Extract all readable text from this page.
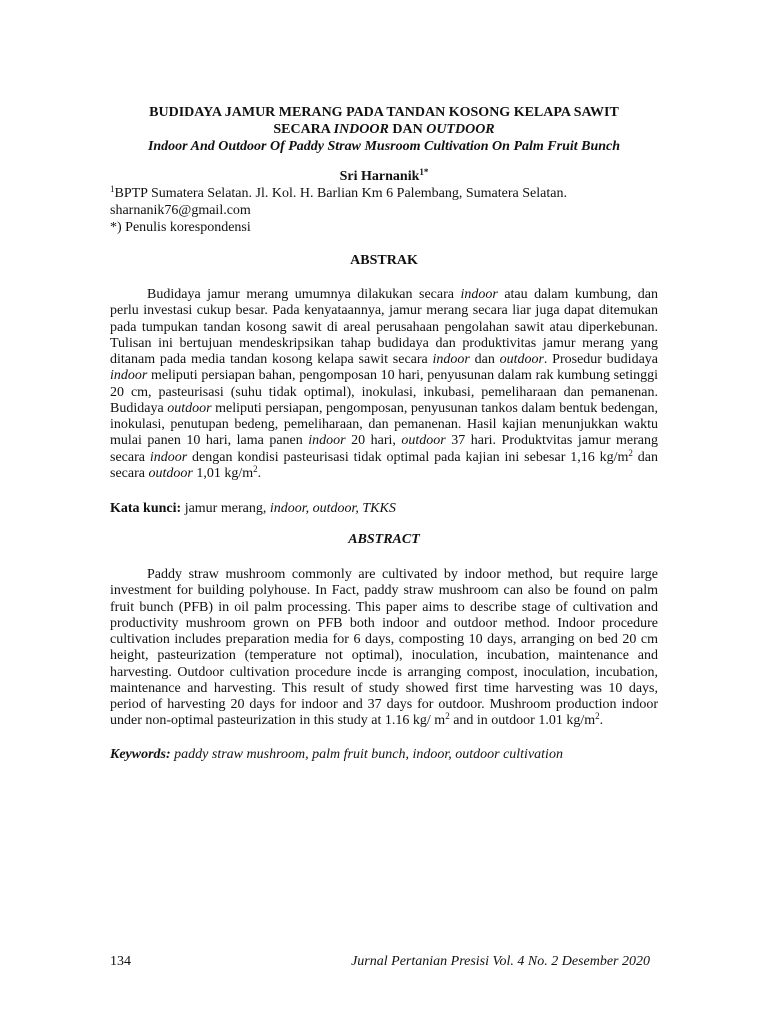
BUDIDAYA JAMUR MERANG PADA TANDAN KOSONG KELAPA SAWIT
SECARA INDOOR DAN OUTDOOR
Indoor And Outdoor Of Paddy Straw Musroom Cultivation On Palm Fruit Bunch
Sri Harnanik$^{1*}$
$^1$BPTP Sumatera Selatan. Jl. Kol. H. Barlian Km 6 Palembang, Sumatera Selatan.
sharnanik76@gmail.com
*) Penulis korespondensi
ABSTRAK

Budidaya jamur merang umumnya dilakukan secara indoor atau dalam kumbung, dan perlu investasi cukup besar. Pada kenyataannya, jamur merang secara liar juga dapat ditemukan pada tumpukan tandan kosong sawit di areal perusahaan pengolahan sawit atau diperkebunan. Tulisan ini bertujuan mendeskripsikan tahap budidaya dan produktivitas jamur merang yang ditanam pada media tandan kosong kelapa sawit secara indoor dan outdoor. Prosedur budidaya indoor meliputi persiapan bahan, pengomposan 10 hari, penyusunan dalam rak kumbung setinggi 20 cm, pasteurisasi (suhu tidak optimal), inokulasi, inkubasi, pemeliharaan dan pemanenan. Budidaya outdoor meliputi persiapan, pengomposan, penyusunan tankos dalam bentuk bedengan, inokulasi, penutupan bedeng, pemeliharaan, dan pemanenan. Hasil kajian menunjukkan waktu mulai panen 10 hari, lama panen indoor 20 hari, outdoor 37 hari. Produktvitas jamur merang secara indoor dengan kondisi pasteurisasi tidak optimal pada kajian ini sebesar 1,16 $kg/m^2$ dan secara outdoor 1,01 $kg/m^2$.

Kata kunci: jamur merang, indoor, outdoor, TKKS
ABSTRACT

Paddy straw mushroom commonly are cultivated by indoor method, but require large investment for building polyhouse. In Fact, paddy straw mushroom can also be found on palm fruit bunch (PFB) in oil palm processing. This paper aims to describe stage of cultivation and productivity mushroom grown on PFB both indoor and outdoor method. Indoor procedure cultivation includes preparation media for 6 days, composting 10 days, arranging on bed 20 cm height, pasteurization (temperature not optimal), inoculation, incubation, maintenance and harvesting. Outdoor cultivation procedure incde is arranging compost, inoculation, incubation, maintenance and harvesting. This result of study showed first time harvesting was 10 days, period of harvesting 20 days for indoor and 37 days for outdoor. Mushroom production indoor under non-optimal pasteurization in this study at 1.16 kg/ $m^2$ and in outdoor 1.01 $kg/m^2$.

Keywords: paddy straw mushroom, palm fruit bunch, indoor, outdoor cultivation
134	Jurnal Pertanian Presisi Vol. 4 No. 2 Desember 2020
